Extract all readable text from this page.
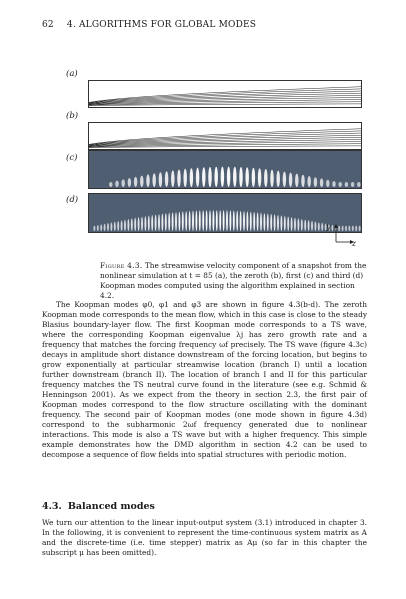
62 4. ALGORITHMS FOR GLOBAL MODES
(a)
(b)
(c)
(d)
y
z
Figure 4.3. The streamwise velocity component of a snapshot from the nonlinear simulation at t = 85 (a), the zeroth (b), first (c) and third (d) Koopman modes computed using the algorithm explained in section 4.2.
The Koopman modes φ0, φ1 and φ3 are shown in figure 4.3(b-d). The zeroth Koopman mode corresponds to the mean flow, which in this case is close to the steady Blasius boundary-layer flow. The first Koopman mode corresponds to a TS wave, where the corresponding Koopman eigenvalue λj has zero growth rate and a frequency that matches the forcing frequency ωf precisely. The TS wave (figure 4.3c) decays in amplitude short distance downstream of the forcing location, but begins to grow exponentially at particular streamwise location (branch I) until a location further downstream (branch II). The location of branch I and II for this particular frequency matches the TS neutral curve found in the literature (see e.g. Schmid & Henningson 2001). As we expect from the theory in section 2.3, the first pair of Koopman modes correspond to the flow structure oscillating with the dominant frequency. The second pair of Koopman modes (one mode shown in figure 4.3d) correspond to the subharmonic 2ωf frequency generated due to nonlinear interactions. This mode is also a TS wave but with a higher frequency. This simple example demonstrates how the DMD algorithm in section 4.2 can be used to decompose a sequence of flow fields into spatial structures with periodic motion.
4.3. Balanced modes
We turn our attention to the linear input-output system (3.1) introduced in chapter 3. In the following, it is convenient to represent the time-continuous system matrix as A and the discrete-time (i.e. time stepper) matrix as Aμ (so far in this chapter the subscript μ has been omitted).
